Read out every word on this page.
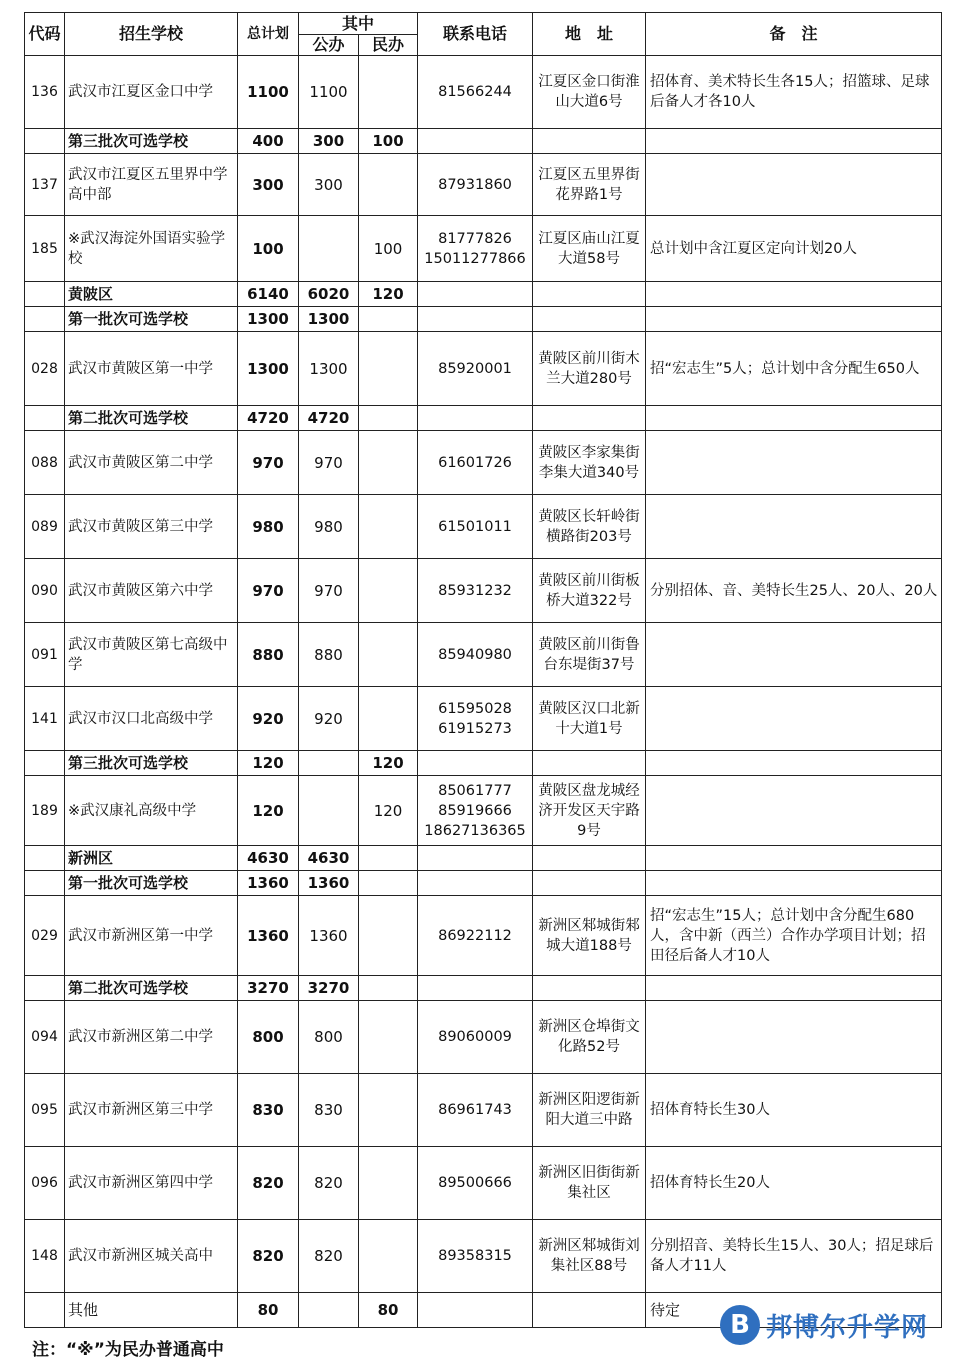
代码	招生学校	总计划	其中		联系电话	地　址	备　注
			公办	民办			
136	武汉市江夏区金口中学	1100	1100		81566244	江夏区金口街淮山大道6号	招体育、美术特长生各15人；招篮球、足球后备人才各10人
	第三批次可选学校	400	300	100			
137	武汉市江夏区五里界中学高中部	300	300		87931860	江夏区五里界街花界路1号	
185	※武汉海淀外国语实验学校	100		100	81777826 15011277866	江夏区庙山江夏大道58号	总计划中含江夏区定向计划20人
	黄陂区	6140	6020	120			
	第一批次可选学校	1300	1300				
028	武汉市黄陂区第一中学	1300	1300		85920001	黄陂区前川街木兰大道280号	招“宏志生”5人；总计划中含分配生650人
	第二批次可选学校	4720	4720				
088	武汉市黄陂区第二中学	970	970		61601726	黄陂区李家集街李集大道340号	
089	武汉市黄陂区第三中学	980	980		61501011	黄陂区长轩岭街横路街203号	
090	武汉市黄陂区第六中学	970	970		85931232	黄陂区前川街板桥大道322号	分别招体、音、美特长生25人、20人、20人
091	武汉市黄陂区第七高级中学	880	880		85940980	黄陂区前川街鲁台东堤街37号	
141	武汉市汉口北高级中学	920	920		61595028 61915273	黄陂区汉口北新十大道1号	
	第三批次可选学校	120		120			
189	※武汉康礼高级中学	120		120	85061777 85919666 18627136365	黄陂区盘龙城经济开发区天宇路9号	
	新洲区	4630	4630				
	第一批次可选学校	1360	1360				
029	武汉市新洲区第一中学	1360	1360		86922112	新洲区邾城街邾城大道188号	招“宏志生”15人；总计划中含分配生680人，含中新（西兰）合作办学项目计划；招田径后备人才10人
	第二批次可选学校	3270	3270				
094	武汉市新洲区第二中学	800	800		89060009	新洲区仓埠街文化路52号	
095	武汉市新洲区第三中学	830	830		86961743	新洲区阳逻街新阳大道三中路	招体育特长生30人
096	武汉市新洲区第四中学	820	820		89500666	新洲区旧街街新集社区	招体育特长生20人
148	武汉市新洲区城关高中	820	820		89358315	新洲区邾城街刘集社区88号	分别招音、美特长生15人、30人；招足球后备人才11人
	其他	80		80			待定
注：“※”为民办普通高中
B 邦博尔升学网
